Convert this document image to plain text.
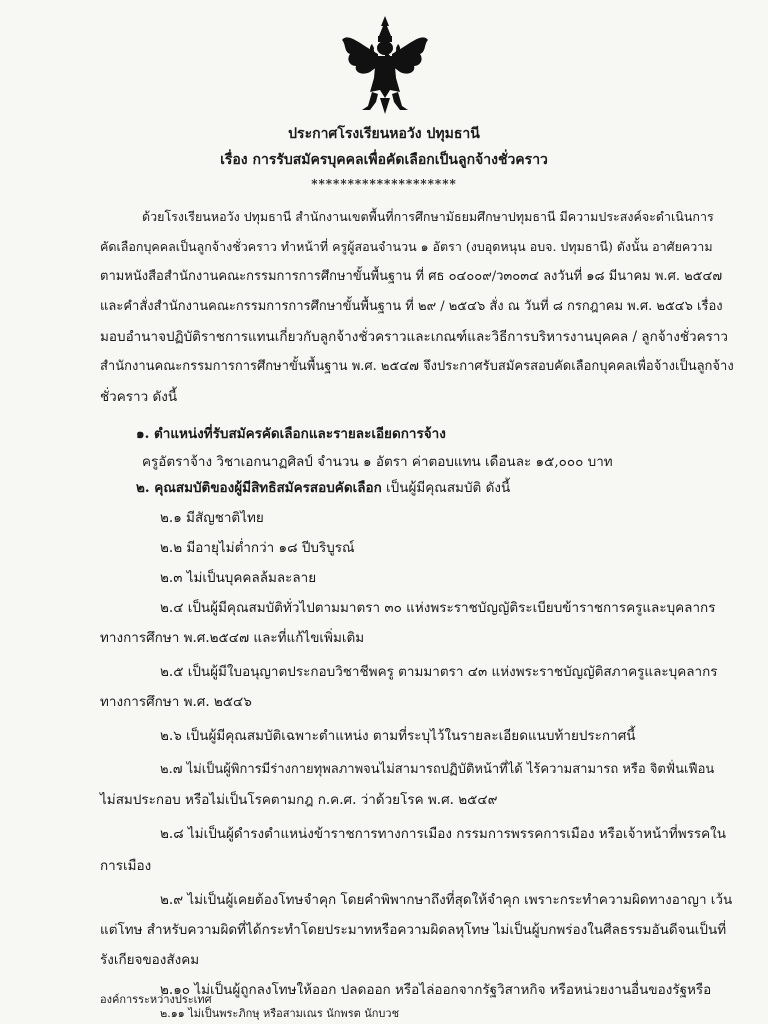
ประกาศโรงเรียนหอวัง ปทุมธานี
เรื่อง การรับสมัครบุคคลเพื่อคัดเลือกเป็นลูกจ้างชั่วคราว
********************
ด้วยโรงเรียนหอวัง ปทุมธานี สำนักงานเขตพื้นที่การศึกษามัธยมศึกษาปทุมธานี มีความประสงค์จะดำเนินการ
คัดเลือกบุคคลเป็นลูกจ้างชั่วคราว ทำหน้าที่ ครูผู้สอนจำนวน ๑ อัตรา (งบอุดหนุน อบจ. ปทุมธานี) ดังนั้น อาศัยความ
ตามหนังสือสำนักงานคณะกรรมการการศึกษาขั้นพื้นฐาน ที่ ศธ ๐๔๐๐๙/ว๓๐๓๔ ลงวันที่ ๑๘ มีนาคม พ.ศ. ๒๕๔๗
และคำสั่งสำนักงานคณะกรรมการการศึกษาขั้นพื้นฐาน ที่ ๒๙ / ๒๕๔๖ สั่ง ณ วันที่ ๘ กรกฎาคม พ.ศ. ๒๕๔๖ เรื่อง
มอบอำนาจปฏิบัติราชการแทนเกี่ยวกับลูกจ้างชั่วคราวและเกณฑ์และวิธีการบริหารงานบุคคล / ลูกจ้างชั่วคราว
สำนักงานคณะกรรมการการศึกษาขั้นพื้นฐาน พ.ศ. ๒๕๔๗ จึงประกาศรับสมัครสอบคัดเลือกบุคคลเพื่อจ้างเป็นลูกจ้าง
ชั่วคราว ดังนี้
๑. ตำแหน่งที่รับสมัครคัดเลือกและรายละเอียดการจ้าง
ครูอัตราจ้าง วิชาเอกนาฏศิลป์ จำนวน ๑ อัตรา ค่าตอบแทน เดือนละ ๑๕,๐๐๐ บาท
๒. คุณสมบัติของผู้มีสิทธิสมัครสอบคัดเลือก เป็นผู้มีคุณสมบัติ ดังนี้
๒.๑ มีสัญชาติไทย
๒.๒ มีอายุไม่ต่ำกว่า ๑๘ ปีบริบูรณ์
๒.๓ ไม่เป็นบุคคลล้มละลาย
๒.๔ เป็นผู้มีคุณสมบัติทั่วไปตามมาตรา ๓๐ แห่งพระราชบัญญัติระเบียบข้าราชการครูและบุคลากร
ทางการศึกษา พ.ศ.๒๕๔๗ และที่แก้ไขเพิ่มเติม
๒.๕ เป็นผู้มีใบอนุญาตประกอบวิชาชีพครู ตามมาตรา ๔๓ แห่งพระราชบัญญัติสภาครูและบุคลากร
ทางการศึกษา พ.ศ. ๒๕๔๖
๒.๖ เป็นผู้มีคุณสมบัติเฉพาะตำแหน่ง ตามที่ระบุไว้ในรายละเอียดแนบท้ายประกาศนี้
๒.๗ ไม่เป็นผู้พิการมีร่างกายทุพลภาพจนไม่สามารถปฏิบัติหน้าที่ได้ ไร้ความสามารถ หรือ จิตฟั่นเฟือน
ไม่สมประกอบ หรือไม่เป็นโรคตามกฎ ก.ค.ศ. ว่าด้วยโรค พ.ศ. ๒๕๔๙
๒.๘ ไม่เป็นผู้ดำรงตำแหน่งข้าราชการทางการเมือง กรรมการพรรคการเมือง หรือเจ้าหน้าที่พรรคใน
การเมือง
๒.๙ ไม่เป็นผู้เคยต้องโทษจำคุก โดยคำพิพากษาถึงที่สุดให้จำคุก เพราะกระทำความผิดทางอาญา เว้น
แต่โทษ สำหรับความผิดที่ได้กระทำโดยประมาทหรือความผิดลหุโทษ ไม่เป็นผู้บกพร่องในศีลธรรมอันดีจนเป็นที่
รังเกียจของสังคม
๒.๑๐ ไม่เป็นผู้ถูกลงโทษให้ออก ปลดออก หรือไล่ออกจากรัฐวิสาหกิจ หรือหน่วยงานอื่นของรัฐหรือ
องค์การระหว่างประเทศ
๒.๑๑ ไม่เป็นพระภิกษุ หรือสามเณร นักพรต นักบวช
